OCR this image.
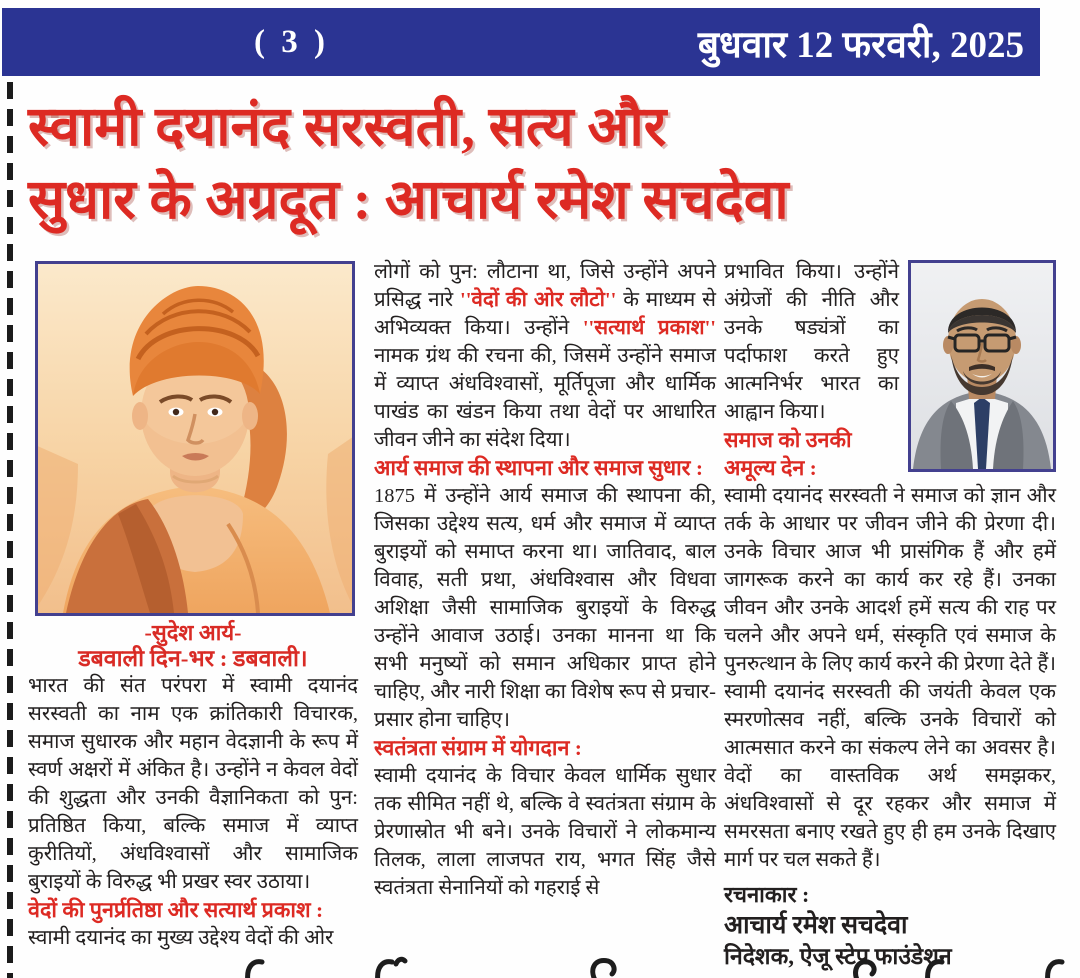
( 3 )	बुधवार 12 फरवरी, 2025
स्वामी दयानंद सरस्वती, सत्य और
सुधार के अग्रदूत : आचार्य रमेश सचदेवा
-सुदेश आर्य-
डबवाली दिन-भर : डबवाली।

भारत की संत परंपरा में स्वामी दयानंद सरस्वती का नाम एक क्रांतिकारी विचारक, समाज सुधारक और महान वेदज्ञानी के रूप में स्वर्ण अक्षरों में अंकित है। उन्होंने न केवल वेदों की शुद्धता और उनकी वैज्ञानिकता को पुन: प्रतिष्ठित किया, बल्कि समाज में व्याप्त कुरीतियों, अंधविश्वासों और सामाजिक बुराइयों के विरुद्ध भी प्रखर स्वर उठाया।

वेदों की पुनर्प्रतिष्ठा और सत्यार्थ प्रकाश :

स्वामी दयानंद का मुख्य उद्देश्य वेदों की ओर

लोगों को पुन: लौटाना था, जिसे उन्होंने अपने प्रसिद्ध नारे ''वेदों की ओर लौटो'' के माध्यम से अभिव्यक्त किया। उन्होंने ''सत्यार्थ प्रकाश'' नामक ग्रंथ की रचना की, जिसमें उन्होंने समाज में व्याप्त अंधविश्वासों, मूर्तिपूजा और धार्मिक पाखंड का खंडन किया तथा वेदों पर आधारित जीवन जीने का संदेश दिया।

आर्य समाज की स्थापना और समाज सुधार :

1875 में उन्होंने आर्य समाज की स्थापना की, जिसका उद्देश्य सत्य, धर्म और समाज में व्याप्त बुराइयों को समाप्त करना था। जातिवाद, बाल विवाह, सती प्रथा, अंधविश्वास और विधवा अशिक्षा जैसी सामाजिक बुराइयों के विरुद्ध उन्होंने आवाज उठाई। उनका मानना था कि सभी मनुष्यों को समान अधिकार प्राप्त होने चाहिए, और नारी शिक्षा का विशेष रूप से प्रचार-प्रसार होना चाहिए।

स्वतंत्रता संग्राम में योगदान :

स्वामी दयानंद के विचार केवल धार्मिक सुधार तक सीमित नहीं थे, बल्कि वे स्वतंत्रता संग्राम के प्रेरणास्रोत भी बने। उनके विचारों ने लोकमान्य तिलक, लाला लाजपत राय, भगत सिंह जैसे स्वतंत्रता सेनानियों को गहराई से

प्रभावित किया। उन्होंने अंग्रेजों की नीति और उनके षड्यंत्रों का पर्दाफाश करते हुए आत्मनिर्भर भारत का आह्वान किया।

समाज को उनकी अमूल्य देन :

स्वामी दयानंद सरस्वती ने समाज को ज्ञान और तर्क के आधार पर जीवन जीने की प्रेरणा दी। उनके विचार आज भी प्रासंगिक हैं और हमें जागरूक करने का कार्य कर रहे हैं। उनका जीवन और उनके आदर्श हमें सत्य की राह पर चलने और अपने धर्म, संस्कृति एवं समाज के पुनरुत्थान के लिए कार्य करने की प्रेरणा देते हैं। स्वामी दयानंद सरस्वती की जयंती केवल एक स्मरणोत्सव नहीं, बल्कि उनके विचारों को आत्मसात करने का संकल्प लेने का अवसर है। वेदों का वास्तविक अर्थ समझकर, अंधविश्वासों से दूर रहकर और समाज में समरसता बनाए रखते हुए ही हम उनके दिखाए मार्ग पर चल सकते हैं।

रचनाकार :
आचार्य रमेश सचदेवा
निदेशक, ऐजू स्टेप फाउंडेशन
